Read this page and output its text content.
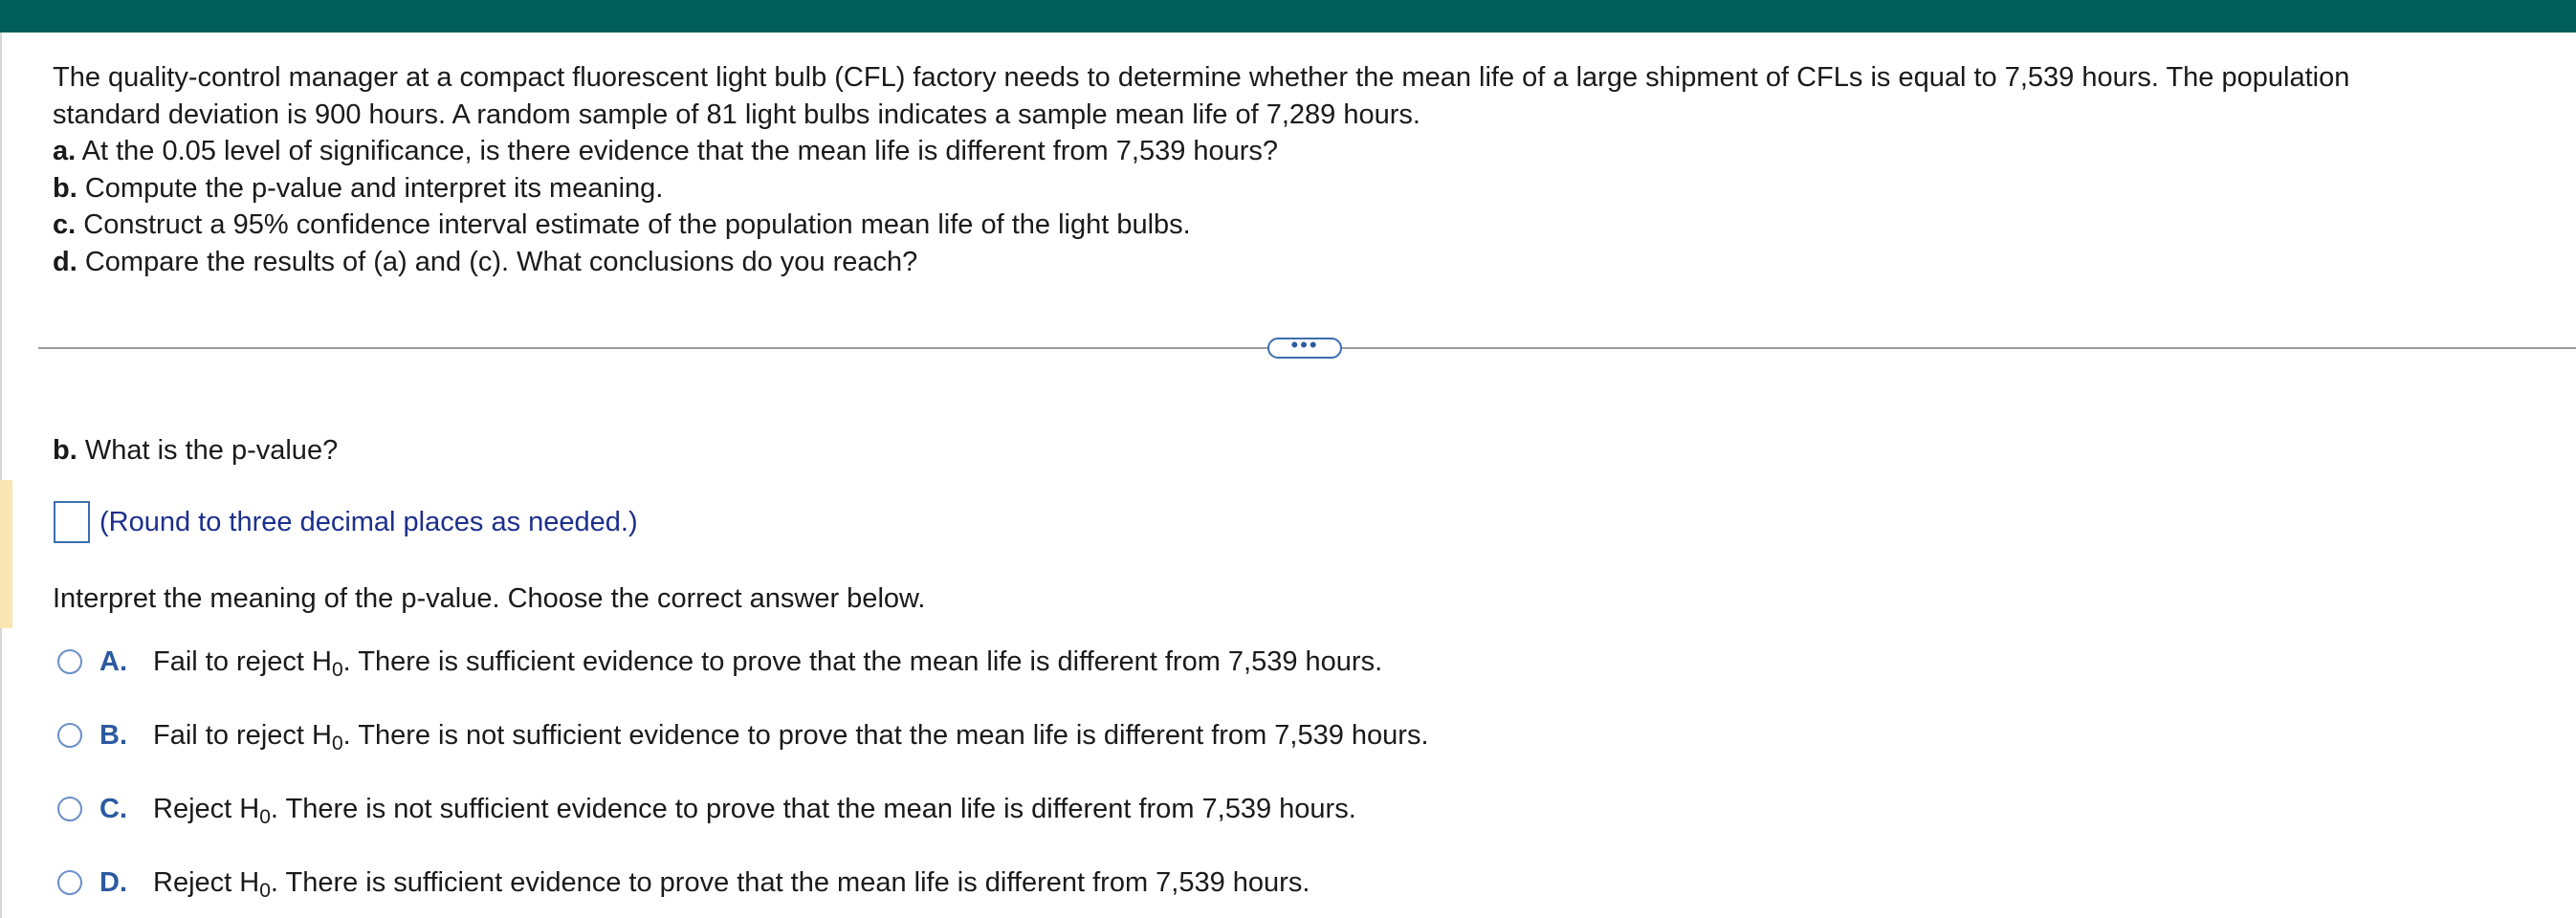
The quality-control manager at a compact fluorescent light bulb (CFL) factory needs to determine whether the mean life of a large shipment of CFLs is equal to 7,539 hours. The population

standard deviation is 900 hours. A random sample of 81 light bulbs indicates a sample mean life of 7,289 hours.

a. At the 0.05 level of significance, is there evidence that the mean life is different from 7,539 hours?

b. Compute the p-value and interpret its meaning.

c. Construct a 95% confidence interval estimate of the population mean life of the light bulbs.

d. Compare the results of (a) and (c). What conclusions do you reach?

•••

b. What is the p-value?

(Round to three decimal places as needed.)

Interpret the meaning of the p-value. Choose the correct answer below.

A. Fail to reject $H_0$. There is sufficient evidence to prove that the mean life is different from 7,539 hours.
B. Fail to reject $H_0$. There is not sufficient evidence to prove that the mean life is different from 7,539 hours.
C. Reject $H_0$. There is not sufficient evidence to prove that the mean life is different from 7,539 hours.
D. Reject $H_0$. There is sufficient evidence to prove that the mean life is different from 7,539 hours.
